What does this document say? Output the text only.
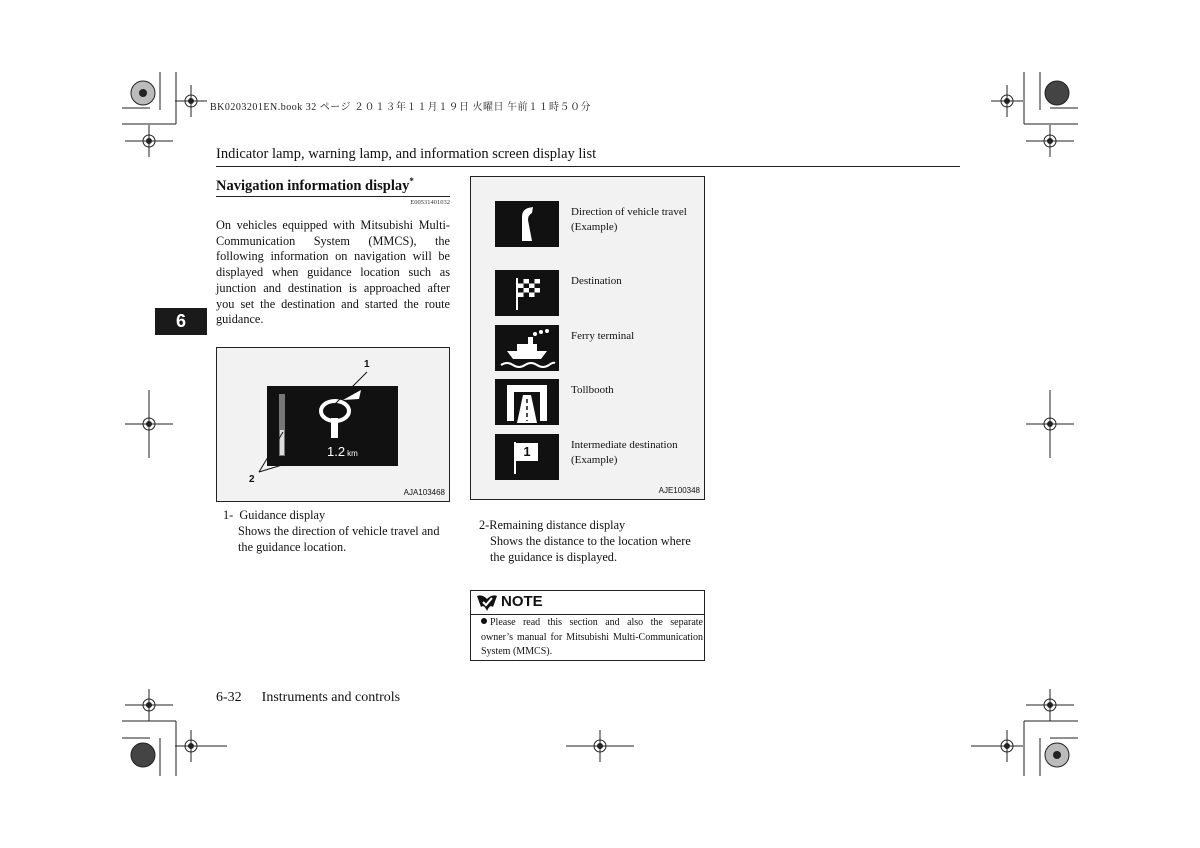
BK0203201EN.book 32 ページ ２０１３年１１月１９日 火曜日 午前１１時５０分
Indicator lamp, warning lamp, and information screen display list
Navigation information display*
E00531401032
On vehicles equipped with Mitsubishi Multi-Communication System (MMCS), the following information on navigation will be displayed when guidance location such as junction and destination is approached after you set the destination and started the route guidance.
6
1
2
1.2 km
AJA103468
1- Guidance display
Shows the direction of vehicle travel and
the guidance location.
Direction of vehicle travel
(Example)
Destination
Ferry terminal
Tollbooth
1	Intermediate destination
(Example)
AJE100348
2-Remaining distance display
Shows the distance to the location where
the guidance is displayed.
NOTE
Please read this section and also the separate owner’s manual for Mitsubishi Multi-Communication System (MMCS).
6-32 Instruments and controls
